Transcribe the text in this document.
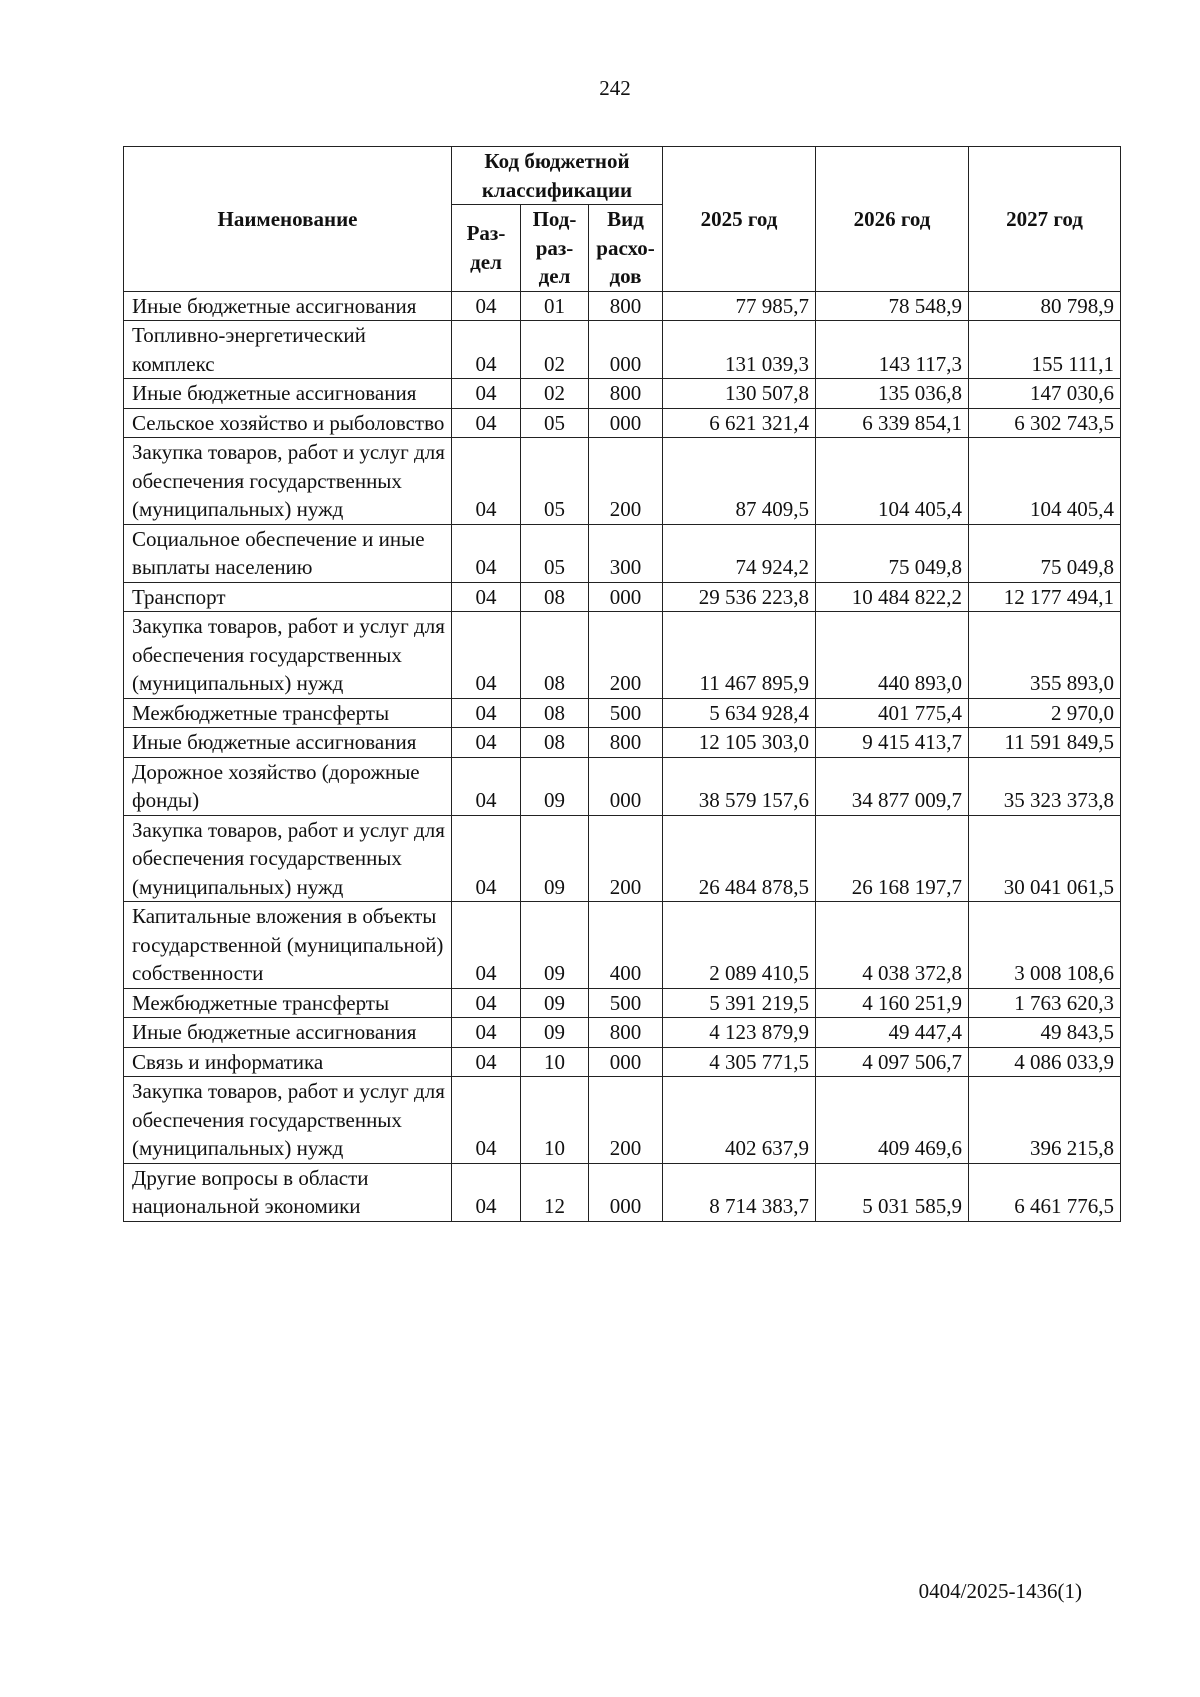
242
Наименование	Код бюджетной классификации			2025 год	2026 год	2027 год
	Раз-дел	Под-раз-дел	Вид расхо-дов			
Иные бюджетные ассигнования	04	01	800	77 985,7	78 548,9	80 798,9
Топливно-энергетический комплекс	04	02	000	131 039,3	143 117,3	155 111,1
Иные бюджетные ассигнования	04	02	800	130 507,8	135 036,8	147 030,6
Сельское хозяйство и рыболовство	04	05	000	6 621 321,4	6 339 854,1	6 302 743,5
Закупка товаров, работ и услуг для обеспечения государственных (муниципальных) нужд	04	05	200	87 409,5	104 405,4	104 405,4
Социальное обеспечение и иные выплаты населению	04	05	300	74 924,2	75 049,8	75 049,8
Транспорт	04	08	000	29 536 223,8	10 484 822,2	12 177 494,1
Закупка товаров, работ и услуг для обеспечения государственных (муниципальных) нужд	04	08	200	11 467 895,9	440 893,0	355 893,0
Межбюджетные трансферты	04	08	500	5 634 928,4	401 775,4	2 970,0
Иные бюджетные ассигнования	04	08	800	12 105 303,0	9 415 413,7	11 591 849,5
Дорожное хозяйство (дорожные фонды)	04	09	000	38 579 157,6	34 877 009,7	35 323 373,8
Закупка товаров, работ и услуг для обеспечения государственных (муниципальных) нужд	04	09	200	26 484 878,5	26 168 197,7	30 041 061,5
Капитальные вложения в объекты государственной (муниципальной) собственности	04	09	400	2 089 410,5	4 038 372,8	3 008 108,6
Межбюджетные трансферты	04	09	500	5 391 219,5	4 160 251,9	1 763 620,3
Иные бюджетные ассигнования	04	09	800	4 123 879,9	49 447,4	49 843,5
Связь и информатика	04	10	000	4 305 771,5	4 097 506,7	4 086 033,9
Закупка товаров, работ и услуг для обеспечения государственных (муниципальных) нужд	04	10	200	402 637,9	409 469,6	396 215,8
Другие вопросы в области национальной экономики	04	12	000	8 714 383,7	5 031 585,9	6 461 776,5
0404/2025-1436(1)
